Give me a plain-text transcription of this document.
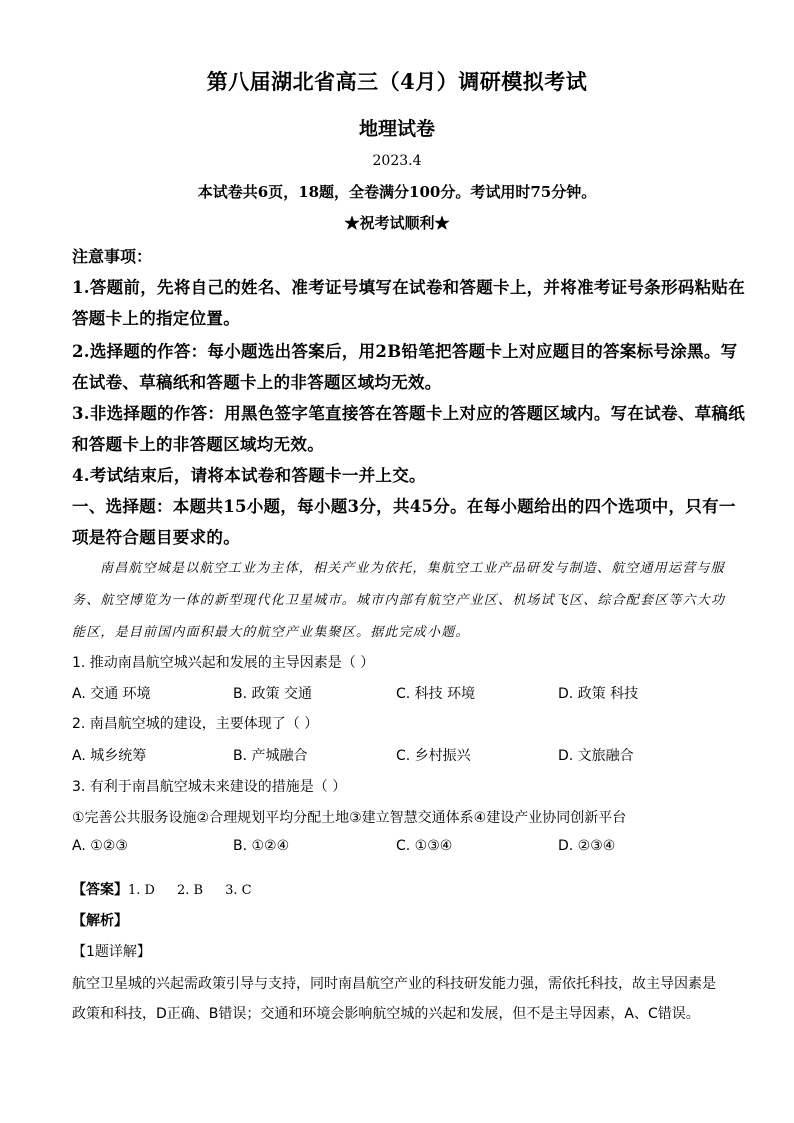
第八届湖北省高三（4月）调研模拟考试
地理试卷
2023.4
本试卷共6页，18题，全卷满分100分。考试用时75分钟。
★祝考试顺利★
注意事项：
1.答题前，先将自己的姓名、准考证号填写在试卷和答题卡上，并将准考证号条形码粘贴在
答题卡上的指定位置。
2.选择题的作答：每小题选出答案后，用2B铅笔把答题卡上对应题目的答案标号涂黑。写
在试卷、草稿纸和答题卡上的非答题区域均无效。
3.非选择题的作答：用黑色签字笔直接答在答题卡上对应的答题区域内。写在试卷、草稿纸
和答题卡上的非答题区域均无效。
4.考试结束后，请将本试卷和答题卡一并上交。
一、选择题：本题共15小题，每小题3分，共45分。在每小题给出的四个选项中，只有一
项是符合题目要求的。
南昌航空城是以航空工业为主体，相关产业为依托，集航空工业产品研发与制造、航空通用运营与服
务、航空博览为一体的新型现代化卫星城市。城市内部有航空产业区、机场试飞区、综合配套区等六大功
能区，是目前国内面积最大的航空产业集聚区。据此完成小题。
1. 推动南昌航空城兴起和发展的主导因素是（ ）
A. 交通 环境	B. 政策 交通	C. 科技 环境	D. 政策 科技
2. 南昌航空城的建设，主要体现了（ ）
A. 城乡统筹	B. 产城融合	C. 乡村振兴	D. 文旅融合
3. 有利于南昌航空城未来建设的措施是（ ）
①完善公共服务设施②合理规划平均分配土地③建立智慧交通体系④建设产业协同创新平台
A. ①②③	B. ①②④	C. ①③④	D. ②③④
【答案】1. D 2. B 3. C
【解析】
【1题详解】
航空卫星城的兴起需政策引导与支持，同时南昌航空产业的科技研发能力强，需依托科技，故主导因素是
政策和科技，D正确、B错误；交通和环境会影响航空城的兴起和发展，但不是主导因素，A、C错误。
